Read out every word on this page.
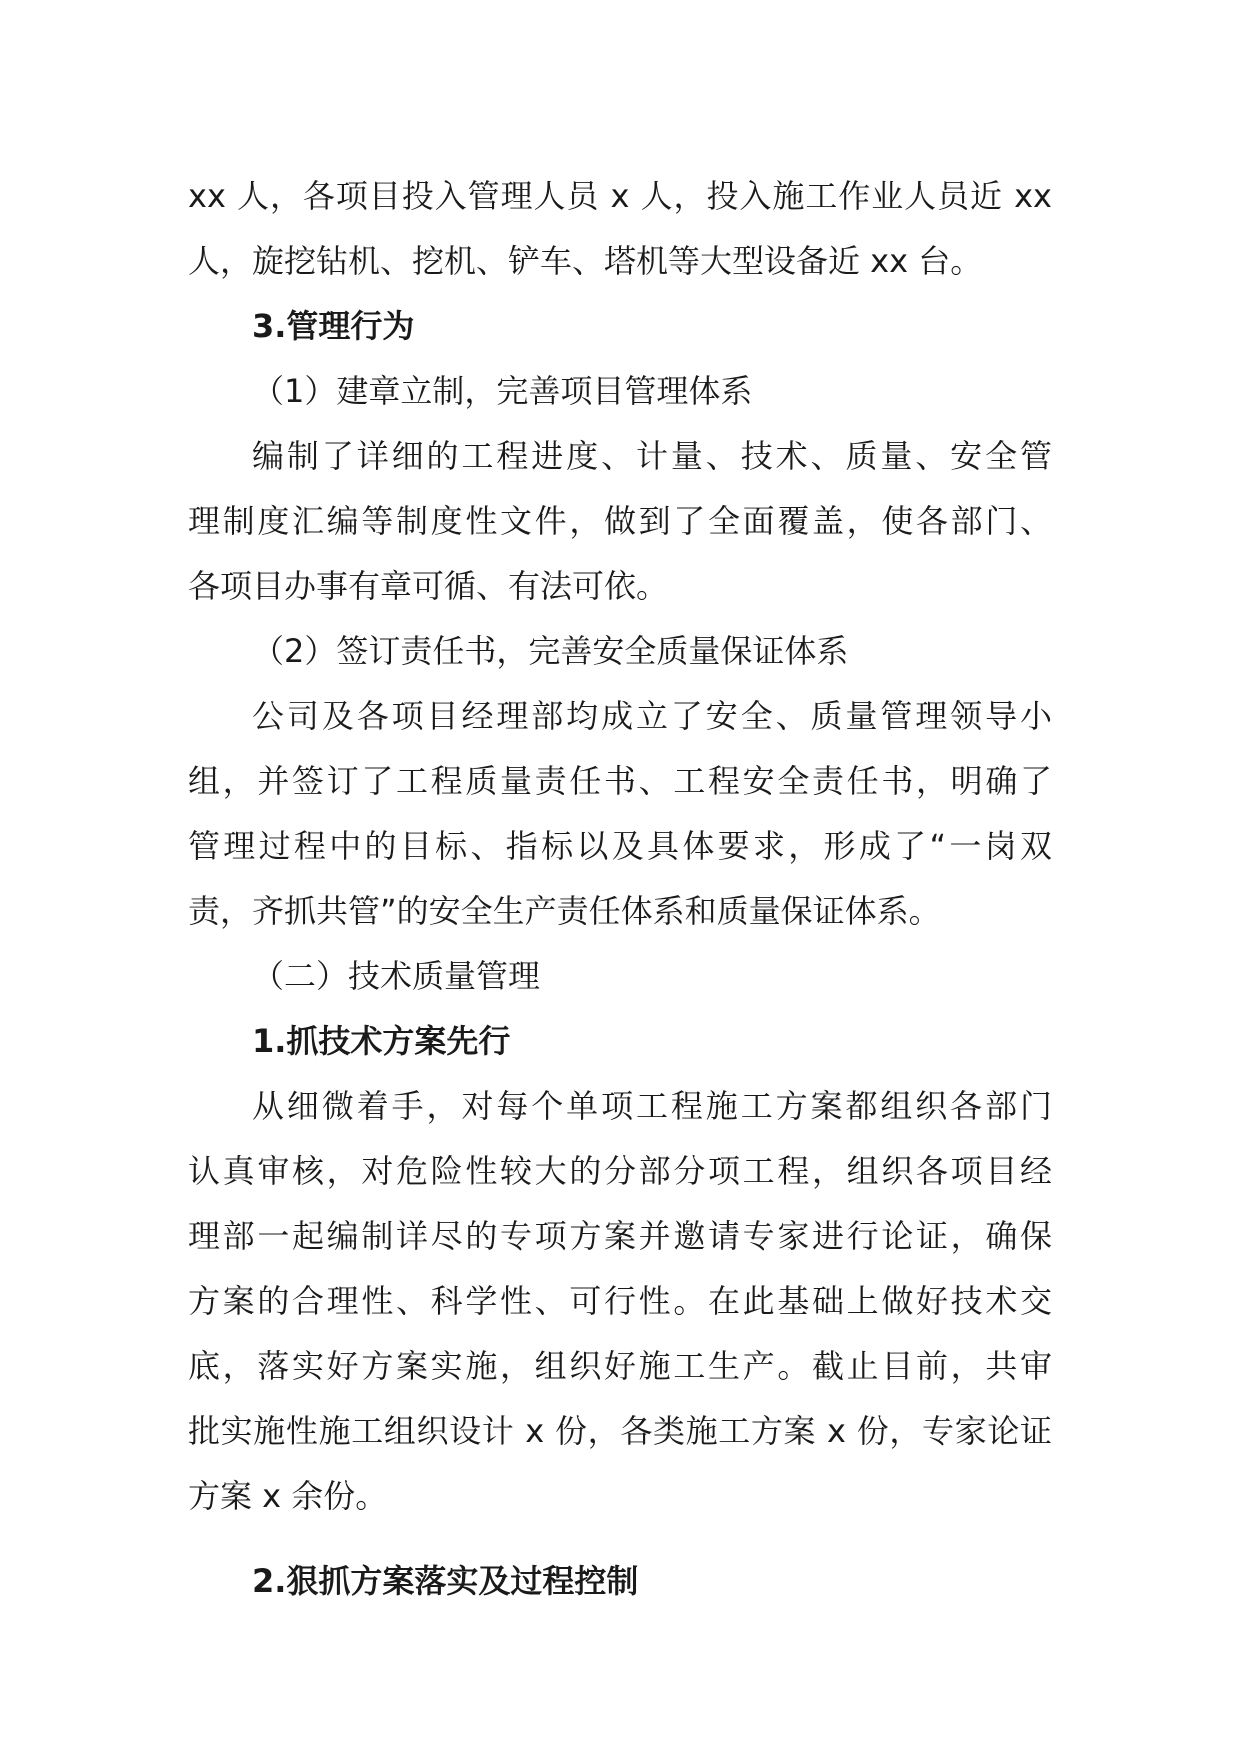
xx 人，各项目投入管理人员 x 人，投入施工作业人员近 xx
人，旋挖钻机、挖机、铲车、塔机等大型设备近 xx 台。
3.管理行为
（1）建章立制，完善项目管理体系
编制了详细的工程进度、计量、技术、质量、安全管
理制度汇编等制度性文件，做到了全面覆盖，使各部门、
各项目办事有章可循、有法可依。
（2）签订责任书，完善安全质量保证体系
公司及各项目经理部均成立了安全、质量管理领导小
组，并签订了工程质量责任书、工程安全责任书，明确了
管理过程中的目标、指标以及具体要求，形成了“一岗双
责，齐抓共管”的安全生产责任体系和质量保证体系。
（二）技术质量管理
1.抓技术方案先行
从细微着手，对每个单项工程施工方案都组织各部门
认真审核，对危险性较大的分部分项工程，组织各项目经
理部一起编制详尽的专项方案并邀请专家进行论证，确保
方案的合理性、科学性、可行性。在此基础上做好技术交
底，落实好方案实施，组织好施工生产。截止目前，共审
批实施性施工组织设计 x 份，各类施工方案 x 份，专家论证
方案 x 余份。
2.狠抓方案落实及过程控制
